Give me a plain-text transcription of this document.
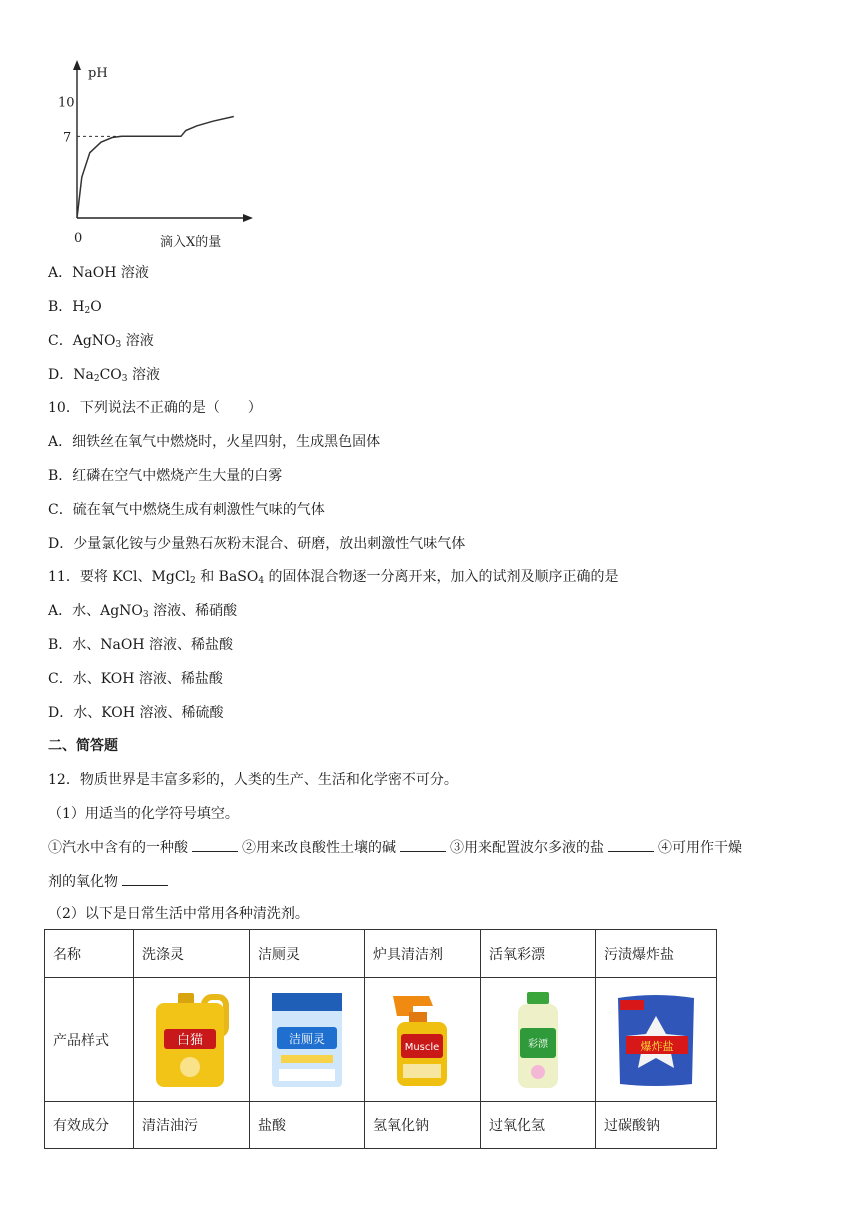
pH
10
7
0	滴入X的量
A．NaOH 溶液
B．$H_2O$
C．AgNO$_3$ 溶液
D．$Na_2CO_3$ 溶液
10．下列说法不正确的是（　　）
A．细铁丝在氧气中燃烧时，火星四射，生成黑色固体
B．红磷在空气中燃烧产生大量的白雾
C．硫在氧气中燃烧生成有刺激性气味的气体
D．少量氯化铵与少量熟石灰粉末混合、研磨，放出刺激性气味气体
11．要将 KCl、MgCl$_2$ 和 BaSO$_4$ 的固体混合物逐一分离开来，加入的试剂及顺序正确的是
A．水、AgNO$_3$ 溶液、稀硝酸
B．水、NaOH 溶液、稀盐酸
C．水、KOH 溶液、稀盐酸
D．水、KOH 溶液、稀硫酸
二、简答题
12．物质世界是丰富多彩的，人类的生产、生活和化学密不可分。
（1）用适当的化学符号填空。
①汽水中含有的一种酸	②用来改良酸性土壤的碱	③用来配置波尔多液的盐	④可用作干燥
剂的氧化物
（2）以下是日常生活中常用各种清洗剂。
名称	洗涤灵	洁厕灵	炉具清洁剂	活氧彩漂	污渍爆炸盐
产品样式	白猫	洁厕灵	Muscle	彩漂	爆炸盐

有效成分	清洁油污	盐酸	氢氧化钠	过氧化氢	过碳酸钠
